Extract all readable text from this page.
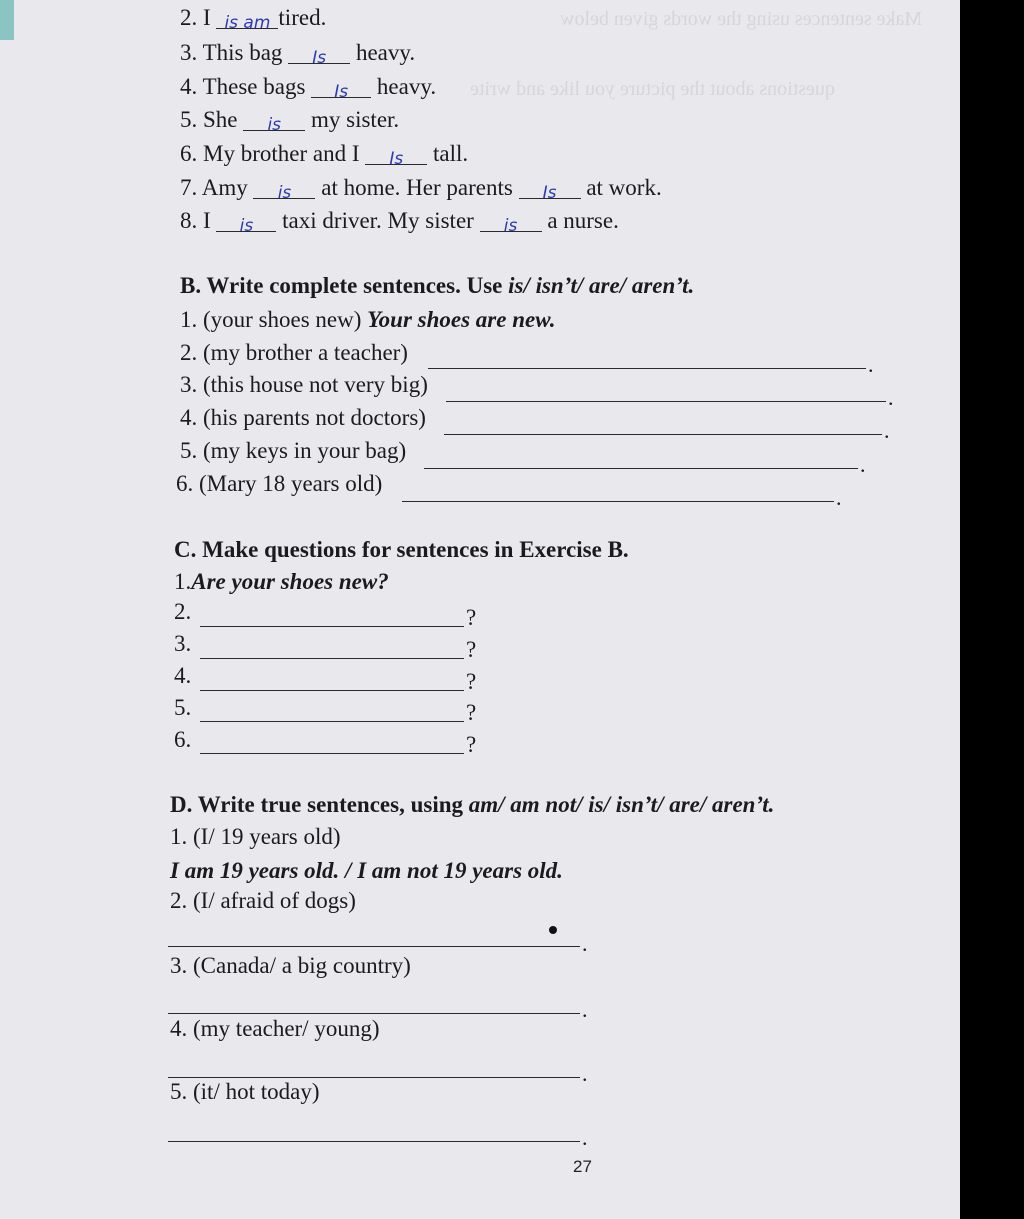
Make sentences using the words given below
questions about the picture you like and write
2. I is am tired.
3. This bag Is heavy.
4. These bags Is heavy.
5. She is my sister.
6. My brother and I Is tall.
7. Amy is at home. Her parents Is at work.
8. I is taxi driver. My sister is a nurse.
B. Write complete sentences. Use is/ isn’t/ are/ aren’t.
1. (your shoes new) Your shoes are new.
2. (my brother a teacher)	.
3. (this house not very big)
.
4. (his parents not doctors)
.
5. (my keys in your bag)
.
6. (Mary 18 years old)
.
C. Make questions for sentences in Exercise B.
1.Are your shoes new?
2.	?
3.	?
4.	?
5.	?
6.	?
D. Write true sentences, using am/ am not/ is/ isn’t/ are/ aren’t.
1. (I/ 19 years old)
I am 19 years old. / I am not 19 years old.
2. (I/ afraid of dogs)
.
3. (Canada/ a big country)
.
4. (my teacher/ young)
.
5. (it/ hot today)
.
27
